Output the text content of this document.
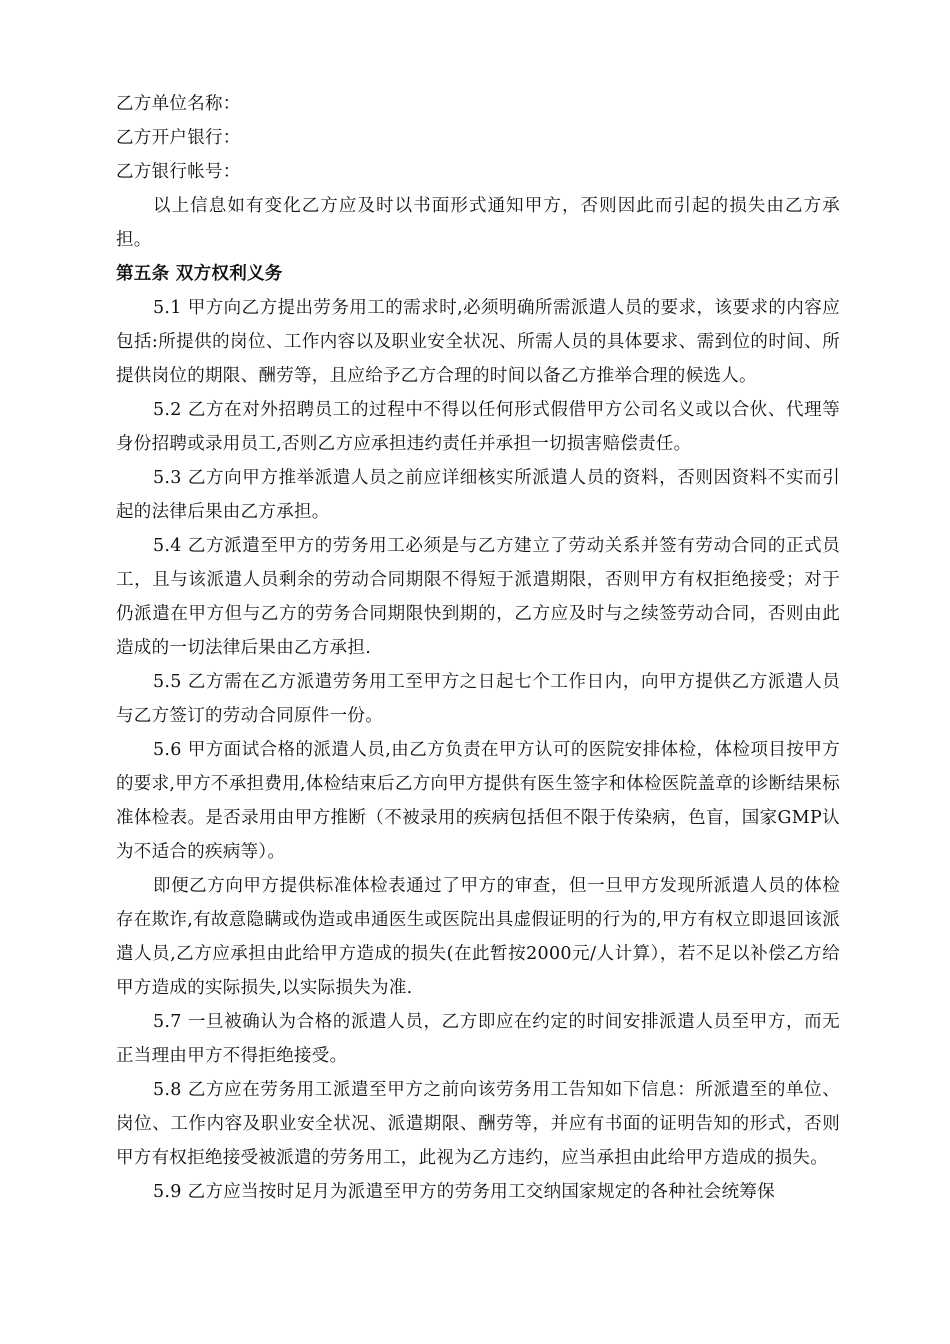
乙方单位名称：

乙方开户银行：

乙方银行帐号：

以上信息如有变化乙方应及时以书面形式通知甲方，否则因此而引起的损失由乙方承担。

第五条 双方权利义务

5.1 甲方向乙方提出劳务用工的需求时,必须明确所需派遣人员的要求，该要求的内容应包括:所提供的岗位、工作内容以及职业安全状况、所需人员的具体要求、需到位的时间、所提供岗位的期限、酬劳等，且应给予乙方合理的时间以备乙方推举合理的候选人。

5.2 乙方在对外招聘员工的过程中不得以任何形式假借甲方公司名义或以合伙、代理等身份招聘或录用员工,否则乙方应承担违约责任并承担一切损害赔偿责任。

5.3 乙方向甲方推举派遣人员之前应详细核实所派遣人员的资料，否则因资料不实而引起的法律后果由乙方承担。

5.4 乙方派遣至甲方的劳务用工必须是与乙方建立了劳动关系并签有劳动合同的正式员工，且与该派遣人员剩余的劳动合同期限不得短于派遣期限，否则甲方有权拒绝接受；对于仍派遣在甲方但与乙方的劳务合同期限快到期的，乙方应及时与之续签劳动合同，否则由此造成的一切法律后果由乙方承担.

5.5 乙方需在乙方派遣劳务用工至甲方之日起七个工作日内，向甲方提供乙方派遣人员与乙方签订的劳动合同原件一份。

5.6 甲方面试合格的派遣人员,由乙方负责在甲方认可的医院安排体检，体检项目按甲方的要求,甲方不承担费用,体检结束后乙方向甲方提供有医生签字和体检医院盖章的诊断结果标准体检表。是否录用由甲方推断（不被录用的疾病包括但不限于传染病，色盲，国家GMP认为不适合的疾病等）。

即便乙方向甲方提供标准体检表通过了甲方的审查，但一旦甲方发现所派遣人员的体检存在欺诈,有故意隐瞒或伪造或串通医生或医院出具虚假证明的行为的,甲方有权立即退回该派遣人员,乙方应承担由此给甲方造成的损失(在此暂按2000元/人计算），若不足以补偿乙方给甲方造成的实际损失,以实际损失为准.

5.7 一旦被确认为合格的派遣人员，乙方即应在约定的时间安排派遣人员至甲方，而无正当理由甲方不得拒绝接受。

5.8 乙方应在劳务用工派遣至甲方之前向该劳务用工告知如下信息：所派遣至的单位、岗位、工作内容及职业安全状况、派遣期限、酬劳等，并应有书面的证明告知的形式，否则甲方有权拒绝接受被派遣的劳务用工，此视为乙方违约，应当承担由此给甲方造成的损失。

5.9 乙方应当按时足月为派遣至甲方的劳务用工交纳国家规定的各种社会统筹保
